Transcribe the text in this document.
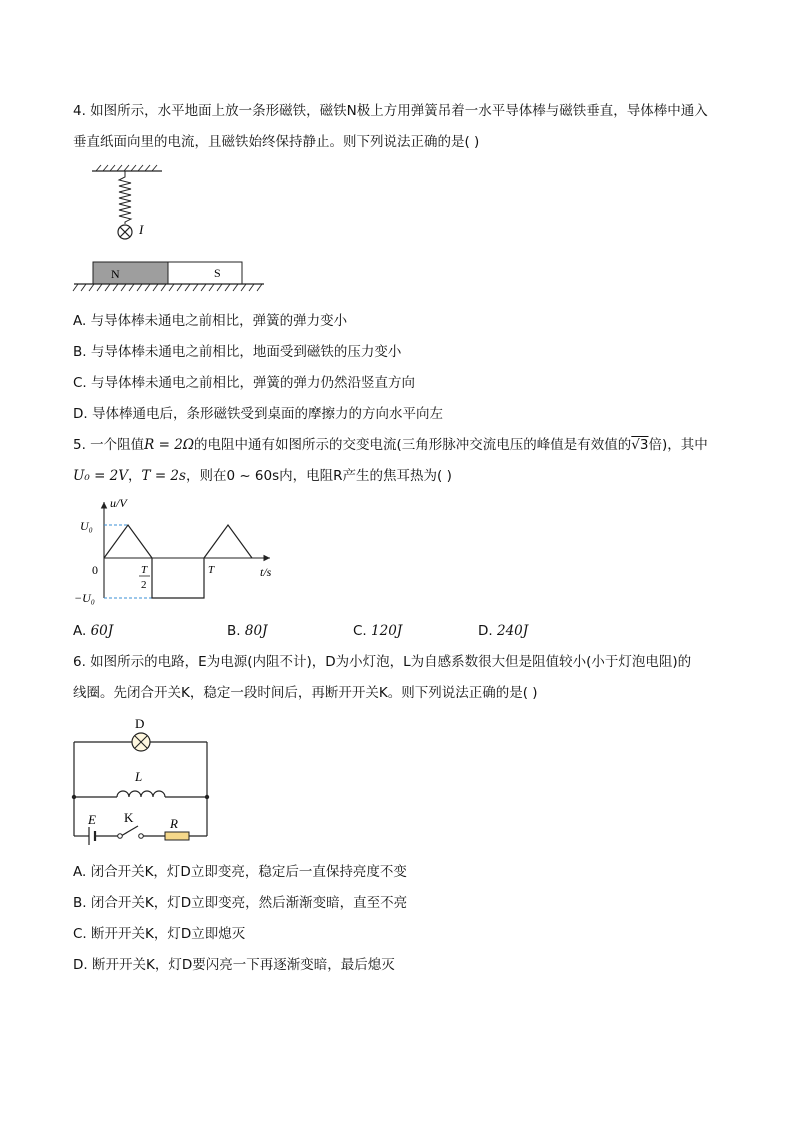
4. 如图所示，水平地面上放一条形磁铁，磁铁N极上方用弹簧吊着一水平导体棒与磁铁垂直，导体棒中通入
垂直纸面向里的电流，且磁铁始终保持静止。则下列说法正确的是( )
I
N	S
A. 与导体棒未通电之前相比，弹簧的弹力变小
B. 与导体棒未通电之前相比，地面受到磁铁的压力变小
C. 与导体棒未通电之前相比，弹簧的弹力仍然沿竖直方向
D. 导体棒通电后，条形磁铁受到桌面的摩擦力的方向水平向左
5. 一个阻值R = 2Ω的电阻中通有如图所示的交变电流(三角形脉冲交流电压的峰值是有效值的√3倍)，其中
U₀ = 2V，T = 2s，则在0 ~ 60s内，电阻R产生的焦耳热为( )
u/V
t/s
0
U₀
−U₀
T
2
T
A. 60J	B. 80J	C. 120J	D. 240J
6. 如图所示的电路，E为电源(内阻不计)，D为小灯泡，L为自感系数很大但是阻值较小(小于灯泡电阻)的
线圈。先闭合开关K，稳定一段时间后，再断开开关K。则下列说法正确的是( )
D
L
E K	R
A. 闭合开关K，灯D立即变亮，稳定后一直保持亮度不变
B. 闭合开关K，灯D立即变亮，然后渐渐变暗，直至不亮
C. 断开开关K，灯D立即熄灭
D. 断开开关K，灯D要闪亮一下再逐渐变暗，最后熄灭
